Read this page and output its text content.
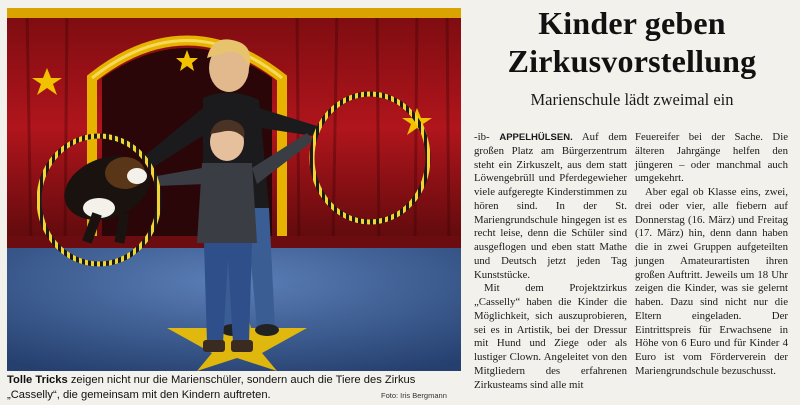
Tolle Tricks zeigen nicht nur die Marienschüler, sondern auch die Tiere des Zirkus „Casselly“, die gemeinsam mit den Kindern auftreten.	Foto: Iris Bergmann
Kinder geben
Zirkusvorstellung
Marienschule lädt zweimal ein

-ib- APPELHÜLSEN. Auf dem großen Platz am Bürgerzentrum steht ein Zirkuszelt, aus dem statt Löwengebrüll und Pferdegewieher viele aufgeregte Kinderstimmen zu hören sind. In der St. Mariengrundschule hingegen ist es recht leise, denn die Schüler sind ausgeflogen und eben statt Mathe und Deutsch jetzt jeden Tag Kunststücke.

Mit dem Projektzirkus „Casselly“ haben die Kinder die Möglichkeit, sich auszuprobieren, sei es in Artistik, bei der Dressur mit Hund und Ziege oder als lustiger Clown. Angeleitet von den Mitgliedern des erfahrenen Zirkusteams sind alle mit

Feuereifer bei der Sache. Die älteren Jahrgänge helfen den jüngeren – oder manchmal auch umgekehrt.

Aber egal ob Klasse eins, zwei, drei oder vier, alle fiebern auf Donnerstag (16. März) und Freitag (17. März) hin, denn dann haben die in zwei Gruppen aufgeteilten jungen Amateurartisten ihren großen Auftritt. Jeweils um 18 Uhr zeigen die Kinder, was sie gelernt haben. Dazu sind nicht nur die Eltern eingeladen. Der Eintrittspreis für Erwachsene in Höhe von 6 Euro und für Kinder 4 Euro ist vom Förderverein der Mariengrundschule bezuschusst.
